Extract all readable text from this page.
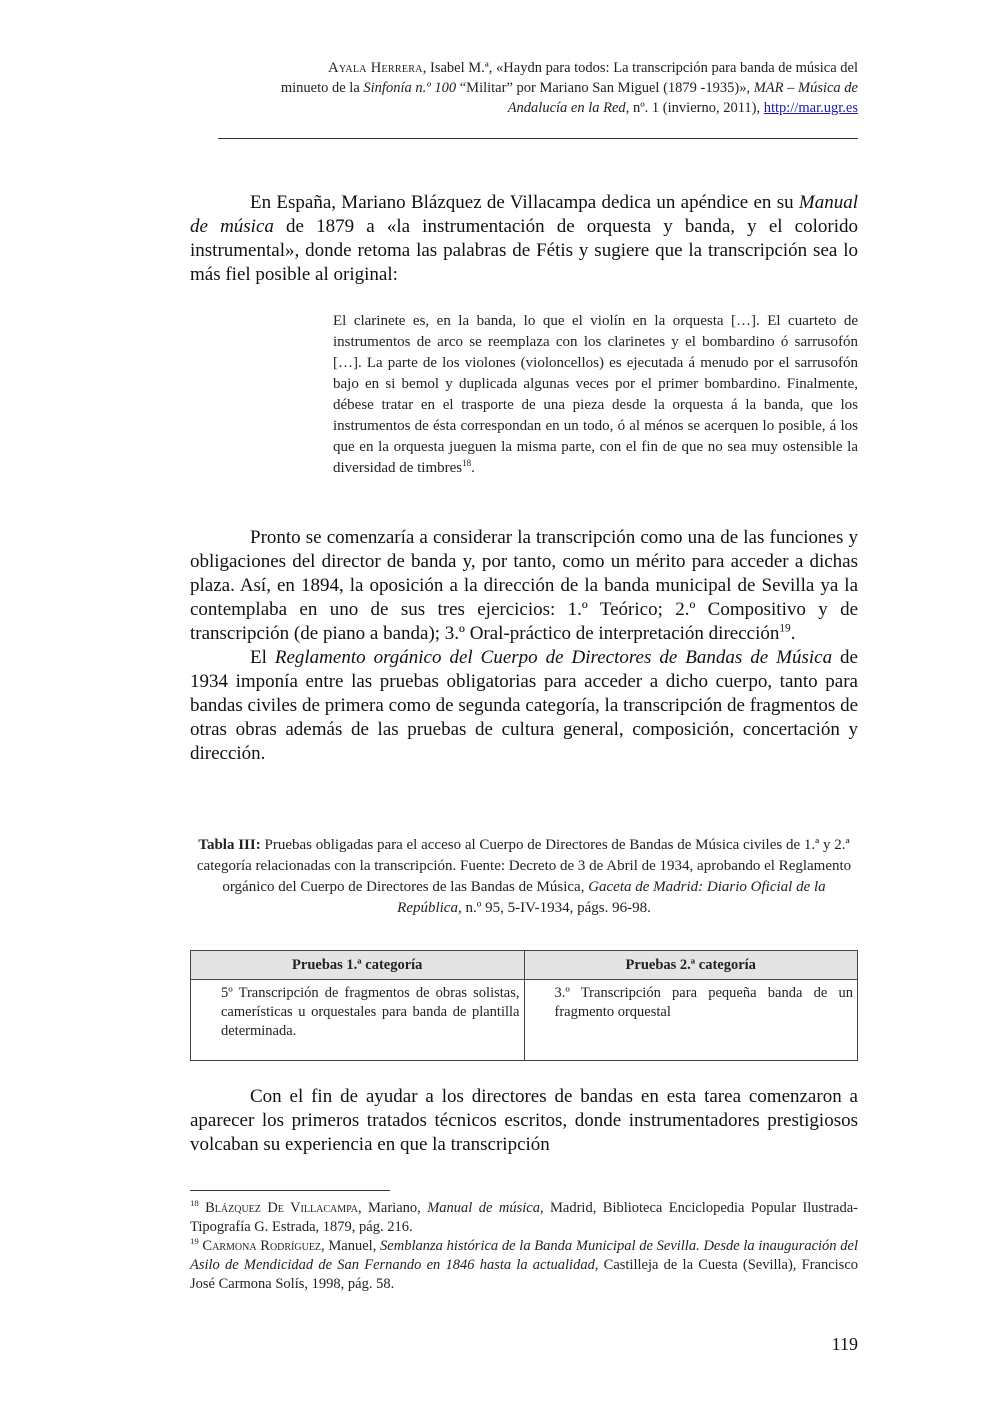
Ayala Herrera, Isabel M.ª, «Haydn para todos: La transcripción para banda de música del
minueto de la Sinfonía n.º 100 “Militar” por Mariano San Miguel (1879 -1935)», MAR – Música de
Andalucía en la Red, nº. 1 (invierno, 2011), http://mar.ugr.es

En España, Mariano Blázquez de Villacampa dedica un apéndice en su Manual de música de 1879 a «la instrumentación de orquesta y banda, y el colorido instrumental», donde retoma las palabras de Fétis y sugiere que la transcripción sea lo más fiel posible al original:

El clarinete es, en la banda, lo que el violín en la orquesta […]. El cuarteto de instrumentos de arco se reemplaza con los clarinetes y el bombardino ó sarrusofón […]. La parte de los violones (violoncellos) es ejecutada á menudo por el sarrusofón bajo en si bemol y duplicada algunas veces por el primer bombardino. Finalmente, débese tratar en el trasporte de una pieza desde la orquesta á la banda, que los instrumentos de ésta correspondan en un todo, ó al ménos se acerquen lo posible, á los que en la orquesta jueguen la misma parte, con el fin de que no sea muy ostensible la diversidad de timbres$^{18}$.

Pronto se comenzaría a considerar la transcripción como una de las funciones y obligaciones del director de banda y, por tanto, como un mérito para acceder a dichas plaza. Así, en 1894, la oposición a la dirección de la banda municipal de Sevilla ya la contemplaba en uno de sus tres ejercicios: 1.º Teórico; 2.º Compositivo y de transcripción (de piano a banda); 3.º Oral-práctico de interpretación dirección$^{19}$.

El Reglamento orgánico del Cuerpo de Directores de Bandas de Música de 1934 imponía entre las pruebas obligatorias para acceder a dicho cuerpo, tanto para bandas civiles de primera como de segunda categoría, la transcripción de fragmentos de otras obras además de las pruebas de cultura general, composición, concertación y dirección.

Tabla III: Pruebas obligadas para el acceso al Cuerpo de Directores de Bandas de Música civiles de 1.ª y 2.ª categoría relacionadas con la transcripción. Fuente: Decreto de 3 de Abril de 1934, aprobando el Reglamento orgánico del Cuerpo de Directores de las Bandas de Música, Gaceta de Madrid: Diario Oficial de la República, n.º 95, 5-IV-1934, págs. 96-98.
Pruebas 1.ª categoría	Pruebas 2.ª categoría
5º Transcripción de fragmentos de obras solistas, camerísticas u orquestales para banda de plantilla determinada.	3.º Transcripción para pequeña banda de un fragmento orquestal

Con el fin de ayudar a los directores de bandas en esta tarea comenzaron a aparecer los primeros tratados técnicos escritos, donde instrumentadores prestigiosos volcaban su experiencia en que la transcripción

$^{18}$ Blázquez De Villacampa, Mariano, Manual de música, Madrid, Biblioteca Enciclopedia Popular Ilustrada-Tipografía G. Estrada, 1879, pág. 216.

$^{19}$ Carmona Rodríguez, Manuel, Semblanza histórica de la Banda Municipal de Sevilla. Desde la inauguración del Asilo de Mendicidad de San Fernando en 1846 hasta la actualidad, Castilleja de la Cuesta (Sevilla), Francisco José Carmona Solís, 1998, pág. 58.

119
